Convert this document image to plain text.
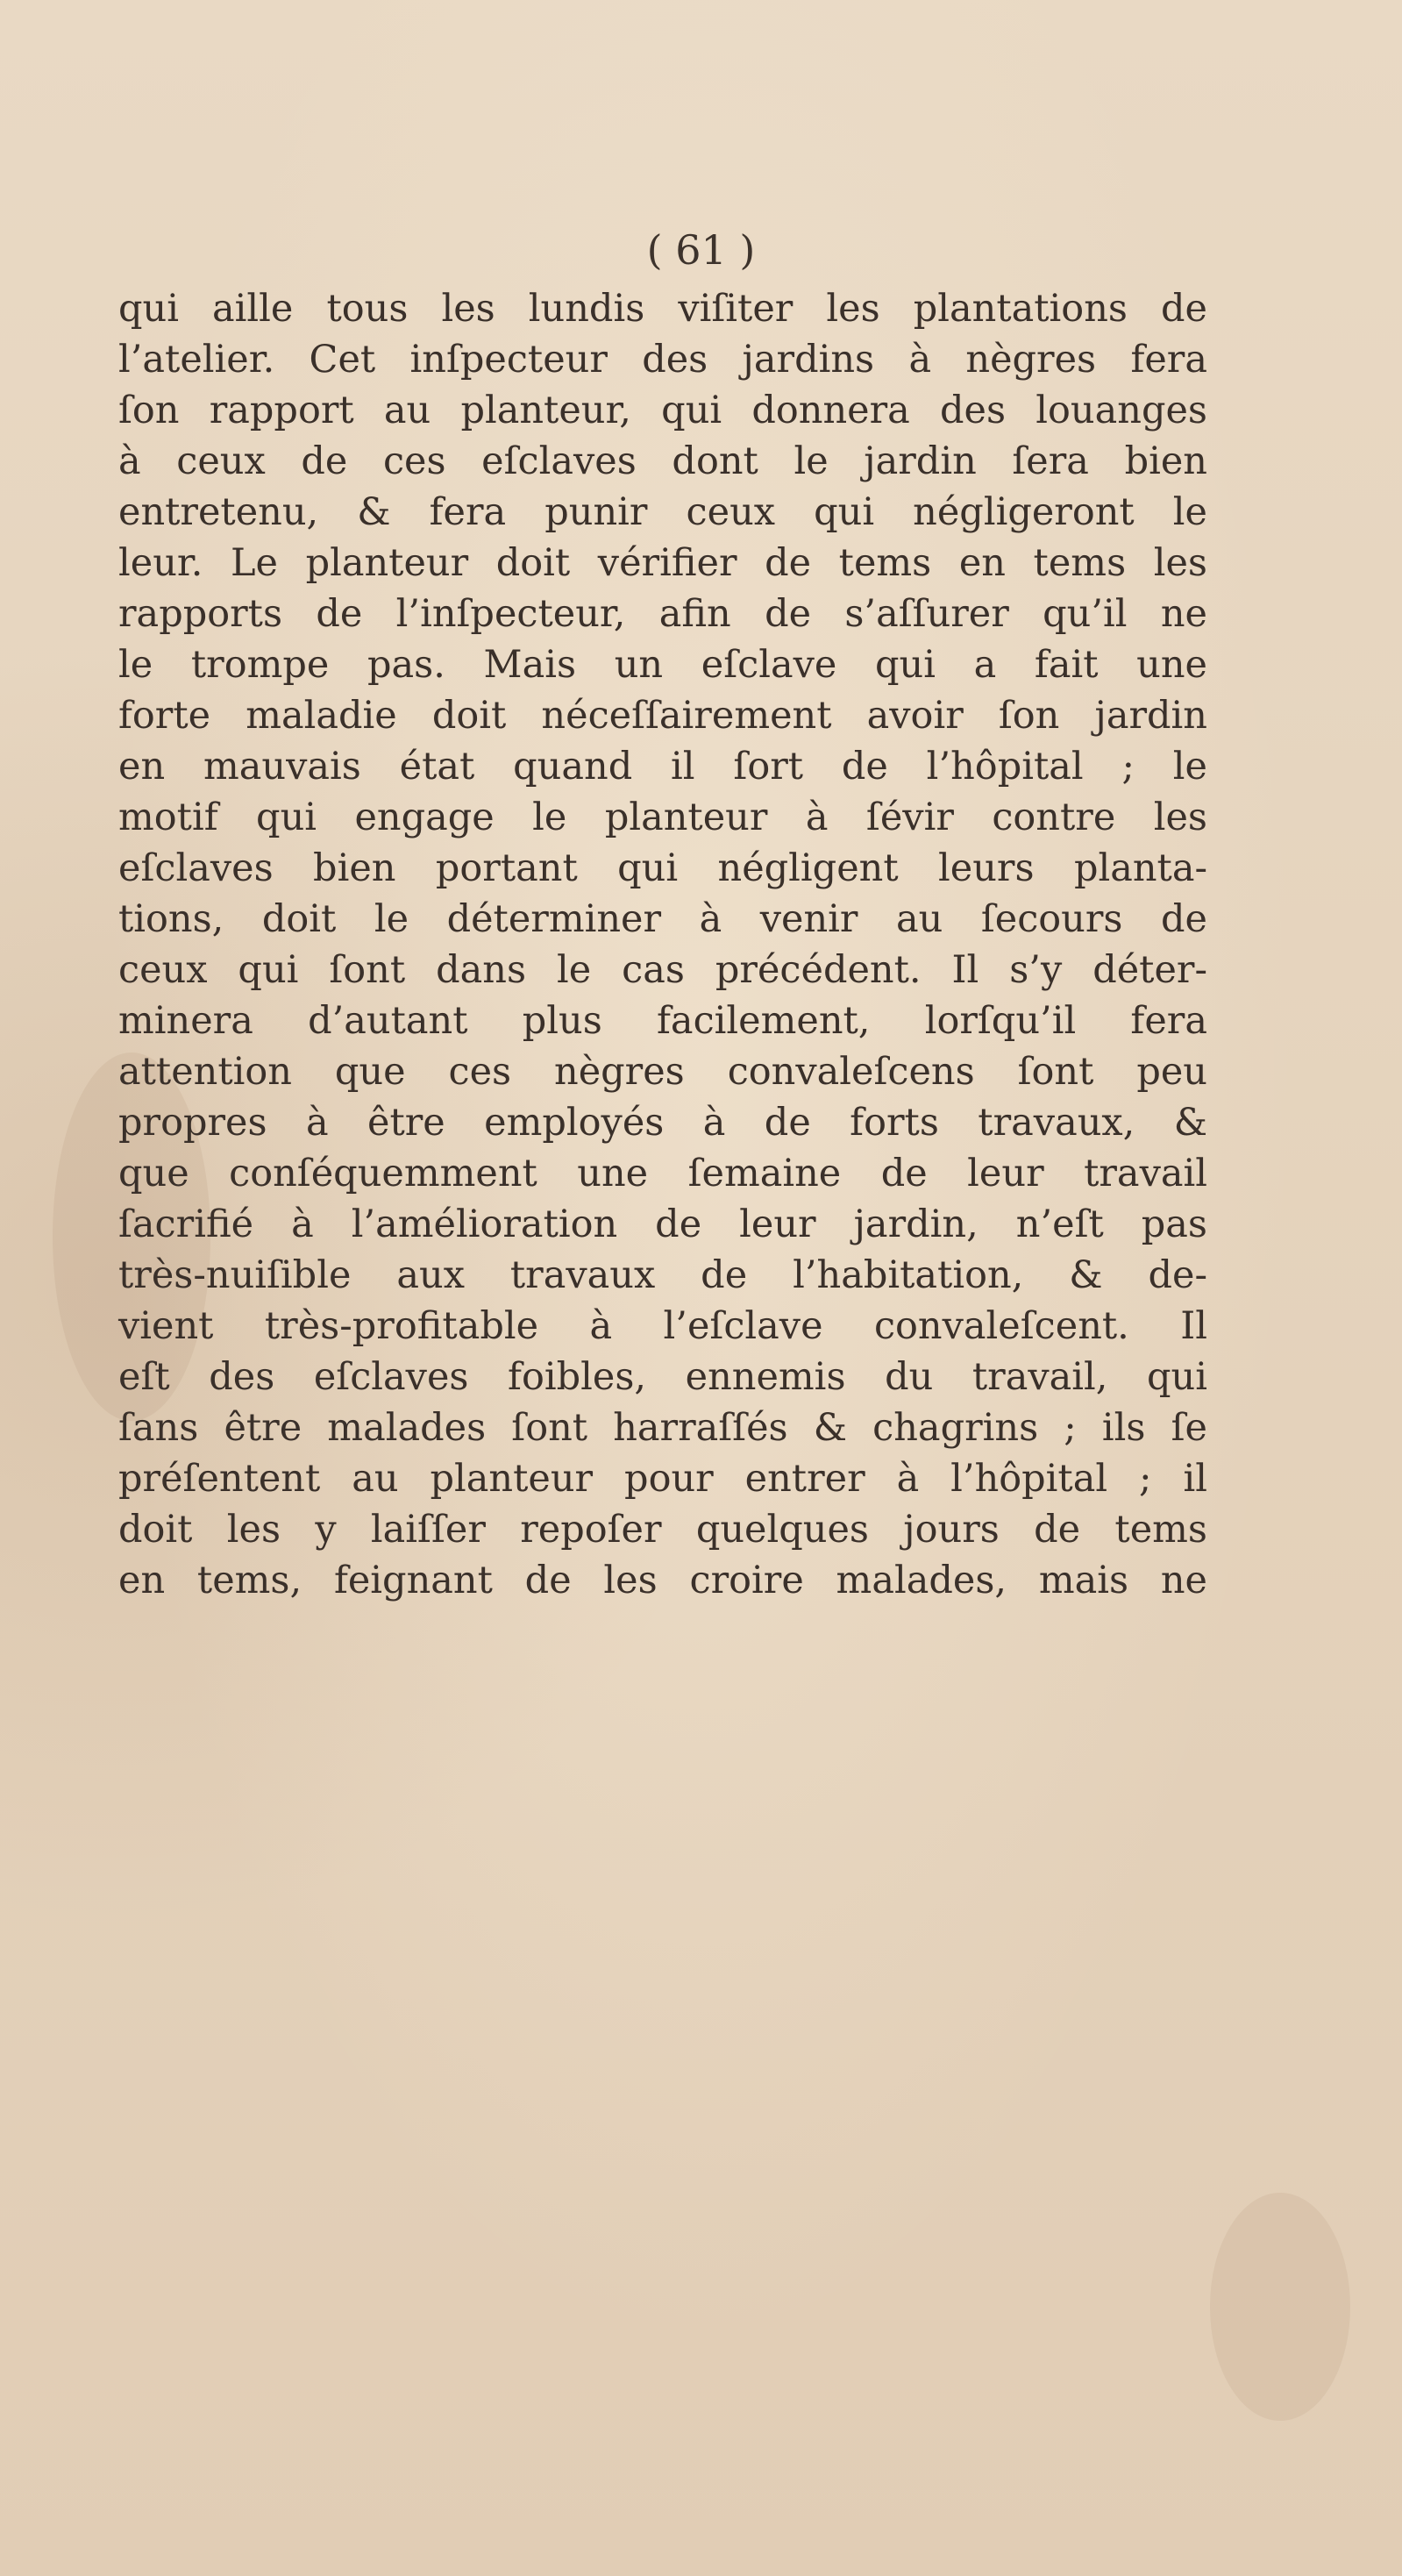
( 61 )
qui aille tous les lundis viſiter les plantations de
l’atelier. Cet inſpecteur des jardins à nègres fera
ſon rapport au planteur, qui donnera des louanges
à ceux de ces eſclaves dont le jardin ſera bien
entretenu, & fera punir ceux qui négligeront le
leur. Le planteur doit vérifier de tems en tems les
rapports de l’inſpecteur, afin de s’aſſurer qu’il ne
le trompe pas. Mais un eſclave qui a fait une
forte maladie doit néceſſairement avoir ſon jardin
en mauvais état quand il ſort de l’hôpital ; le
motif qui engage le planteur à ſévir contre les
eſclaves bien portant qui négligent leurs planta-
tions, doit le déterminer à venir au ſecours de
ceux qui ſont dans le cas précédent. Il s’y déter-
minera d’autant plus facilement, lorſqu’il fera
attention que ces nègres convaleſcens ſont peu
propres à être employés à de forts travaux, &
que conſéquemment une ſemaine de leur travail
ſacrifié à l’amélioration de leur jardin, n’eſt pas
très-nuiſible aux travaux de l’habitation, & de-
vient très-profitable à l’eſclave convaleſcent. Il
eſt des eſclaves foibles, ennemis du travail, qui
ſans être malades ſont harraſſés & chagrins ; ils ſe
préſentent au planteur pour entrer à l’hôpital ; il
doit les y laiſſer repoſer quelques jours de tems
en tems, feignant de les croire malades, mais ne
